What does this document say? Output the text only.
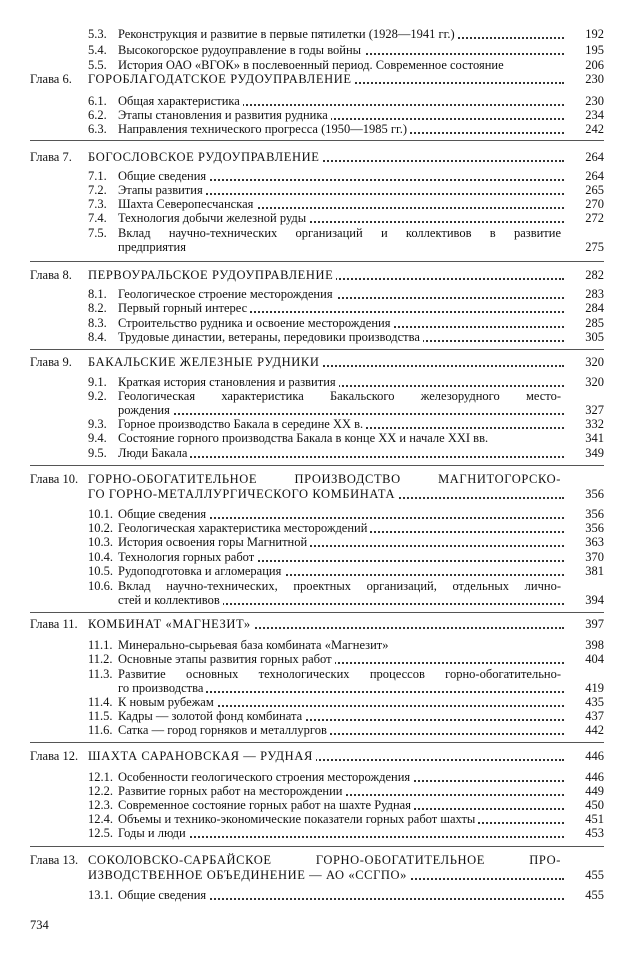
5.3. Реконструкция и развитие в первые пятилетки (1928—1941 гг.)	192
5.4. Высокогорское рудоуправление в годы войны	195
5.5. История ОАО «ВГОК» в послевоенный период. Современное состояние	206
Глава 6. ГОРОБЛАГОДАТСКОЕ РУДОУПРАВЛЕНИЕ	230
6.1. Общая характеристика	230
6.2. Этапы становления и развития рудника	234
6.3. Направления технического прогресса (1950—1985 гг.)	242
Глава 7. БОГОСЛОВСКОЕ РУДОУПРАВЛЕНИЕ	264
7.1. Общие сведения	264
7.2. Этапы развития	265
7.3. Шахта Северопесчанская	270
7.4. Технология добычи железной руды	272
7.5. Вклад научно-технических организаций и коллективов в развитие
предприятия	275
Глава 8. ПЕРВОУРАЛЬСКОЕ РУДОУПРАВЛЕНИЕ	282
8.1. Геологическое строение месторождения	283
8.2. Первый горный интерес	284
8.3. Строительство рудника и освоение месторождения	285
8.4. Трудовые династии, ветераны, передовики производства	305
Глава 9. БАКАЛЬСКИЕ ЖЕЛЕЗНЫЕ РУДНИКИ	320
9.1. Краткая история становления и развития	320
9.2. Геологическая характеристика Бакальского железорудного место-
рождения	327
9.3. Горное производство Бакала в середине XX в.	332
9.4. Состояние горного производства Бакала в конце XX и начале XXI вв.	341
9.5. Люди Бакала	349
Глава 10. ГОРНО-ОБОГАТИТЕЛЬНОЕ ПРОИЗВОДСТВО МАГНИТОГОРСКО-
ГО ГОРНО-МЕТАЛЛУРГИЧЕСКОГО КОМБИНАТА	356
10.1. Общие сведения	356
10.2. Геологическая характеристика месторождений	356
10.3. История освоения горы Магнитной	363
10.4. Технология горных работ	370
10.5. Рудоподготовка и агломерация	381
10.6. Вклад научно-технических, проектных организаций, отдельных лично-
стей и коллективов	394
Глава 11. КОМБИНАТ «МАГНЕЗИТ»	397
11.1. Минерально-сырьевая база комбината «Магнезит»	398
11.2. Основные этапы развития горных работ	404
11.3. Развитие основных технологических процессов горно-обогатительно-
го производства	419
11.4. К новым рубежам	435
11.5. Кадры — золотой фонд комбината	437
11.6. Сатка — город горняков и металлургов	442
Глава 12. ШАХТА САРАНОВСКАЯ — РУДНАЯ	446
12.1. Особенности геологического строения месторождения	446
12.2. Развитие горных работ на месторождении	449
12.3. Современное состояние горных работ на шахте Рудная	450
12.4. Объемы и технико-экономические показатели горных работ шахты	451
12.5. Годы и люди	453
Глава 13. СОКОЛОВСКО-САРБАЙСКОЕ ГОРНО-ОБОГАТИТЕЛЬНОЕ ПРО-
ИЗВОДСТВЕННОЕ ОБЪЕДИНЕНИЕ — АО «ССГПО»	455
13.1. Общие сведения	455
734
